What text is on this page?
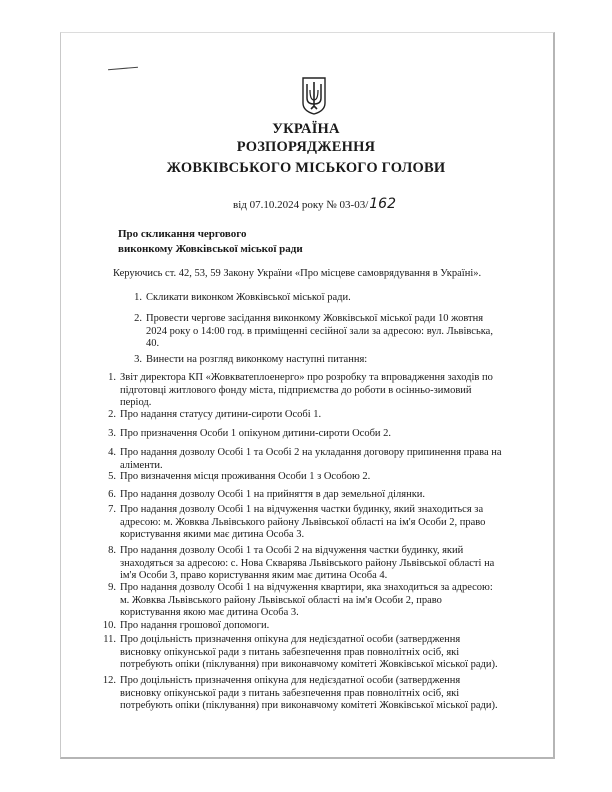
УКРАЇНА
РОЗПОРЯДЖЕННЯ
ЖОВКІВСЬКОГО МІСЬКОГО ГОЛОВИ
від 07.10.2024 року № 03-03/162
Про скликання чергового
виконкому Жовківської міської ради
Керуючись ст. 42, 53, 59 Закону України «Про місцеве самоврядування в Україні».
1. Скликати виконком Жовківської міської ради.
2. Провести чергове засідання виконкому Жовківської міської ради 10 жовтня
2024 року о 14:00 год. в приміщенні сесійної зали за адресою: вул. Львівська,
40.
3. Винести на розгляд виконкому наступні питання:
1. Звіт директора КП «Жовкватеплоенерго» про розробку та впровадження заходів по
підготовці житлового фонду міста, підприємства до роботи в осінньо-зимовий
період.
2. Про надання статусу дитини-сироти Особі 1.
3. Про призначення Особи 1 опікуном дитини-сироти Особи 2.
4. Про надання дозволу Особі 1 та Особі 2 на укладання договору припинення права на
аліменти.
5. Про визначення місця проживання Особи 1 з Особою 2.
6. Про надання дозволу Особі 1 на прийняття в дар земельної ділянки.
7. Про надання дозволу Особі 1 на відчуження частки будинку, який знаходиться за
адресою: м. Жовква Львівського району Львівської області на ім'я Особи 2, право
користування якими має дитина Особа 3.
8. Про надання дозволу Особі 1 та Особі 2 на відчуження частки будинку, який
знаходяться за адресою: с. Нова Скварява Львівського району Львівської області на
ім'я Особи 3, право користування яким має дитина Особа 4.
9. Про надання дозволу Особі 1 на відчуження квартири, яка знаходиться за адресою:
м. Жовква Львівського району Львівської області на ім'я Особи 2, право
користування якою має дитина Особа 3.
10. Про надання грошової допомоги.
11. Про доцільність призначення опікуна для недієздатної особи (затвердження
висновку опікунської ради з питань забезпечення прав повнолітніх осіб, які
потребують опіки (піклування) при виконавчому комітеті Жовківської міської ради).
12. Про доцільність призначення опікуна для недієздатної особи (затвердження
висновку опікунської ради з питань забезпечення прав повнолітніх осіб, які
потребують опіки (піклування) при виконавчому комітеті Жовківської міської ради).
